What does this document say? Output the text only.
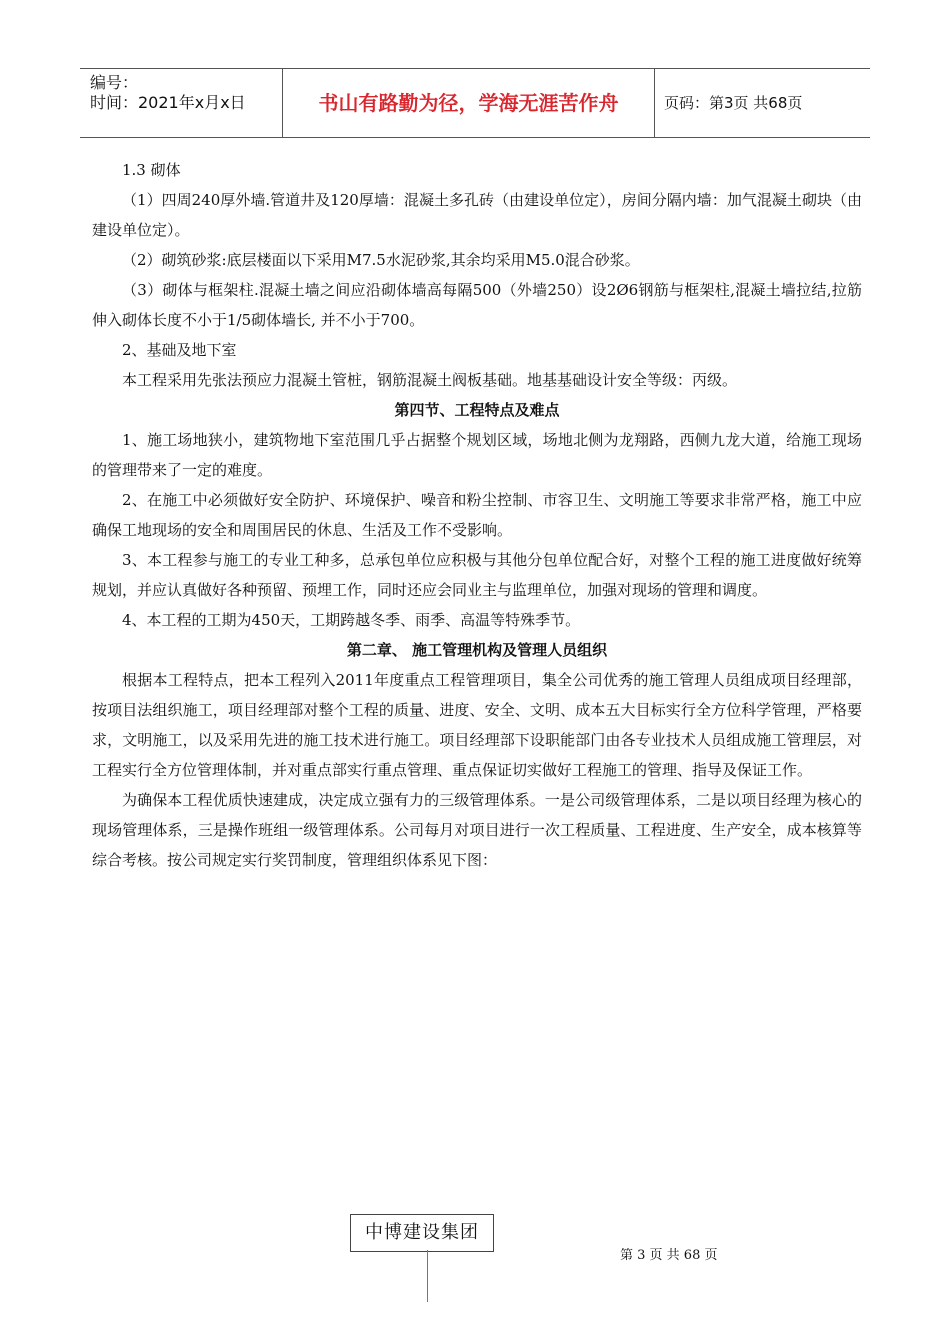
编号：
时间：2021年x月x日	书山有路勤为径，学海无涯苦作舟	页码：第3页 共68页
1.3 砌体
（1）四周240厚外墙.管道井及120厚墙：混凝土多孔砖（由建设单位定），房间分隔内墙：加气混凝土砌块（由建设单位定）。
（2）砌筑砂浆:底层楼面以下采用M7.5水泥砂浆,其余均采用M5.0混合砂浆。
（3）砌体与框架柱.混凝土墙之间应沿砌体墙高每隔500（外墙250）设2Ø6钢筋与框架柱,混凝土墙拉结,拉筋伸入砌体长度不小于1/5砌体墙长, 并不小于700。
2、基础及地下室
本工程采用先张法预应力混凝土管桩，钢筋混凝土阀板基础。地基基础设计安全等级：丙级。
第四节、工程特点及难点
1、施工场地狭小，建筑物地下室范围几乎占据整个规划区域，场地北侧为龙翔路，西侧九龙大道，给施工现场的管理带来了一定的难度。
2、在施工中必须做好安全防护、环境保护、噪音和粉尘控制、市容卫生、文明施工等要求非常严格，施工中应确保工地现场的安全和周围居民的休息、生活及工作不受影响。
3、本工程参与施工的专业工种多，总承包单位应积极与其他分包单位配合好，对整个工程的施工进度做好统筹规划，并应认真做好各种预留、预埋工作，同时还应会同业主与监理单位，加强对现场的管理和调度。
4、本工程的工期为450天，工期跨越冬季、雨季、高温等特殊季节。
第二章、 施工管理机构及管理人员组织
根据本工程特点，把本工程列入2011年度重点工程管理项目，集全公司优秀的施工管理人员组成项目经理部，按项目法组织施工，项目经理部对整个工程的质量、进度、安全、文明、成本五大目标实行全方位科学管理，严格要求，文明施工，以及采用先进的施工技术进行施工。项目经理部下设职能部门由各专业技术人员组成施工管理层，对工程实行全方位管理体制，并对重点部实行重点管理、重点保证切实做好工程施工的管理、指导及保证工作。
为确保本工程优质快速建成，决定成立强有力的三级管理体系。一是公司级管理体系，二是以项目经理为核心的现场管理体系，三是操作班组一级管理体系。公司每月对项目进行一次工程质量、工程进度、生产安全，成本核算等综合考核。按公司规定实行奖罚制度，管理组织体系见下图：
中博建设集团
第 3 页 共 68 页
